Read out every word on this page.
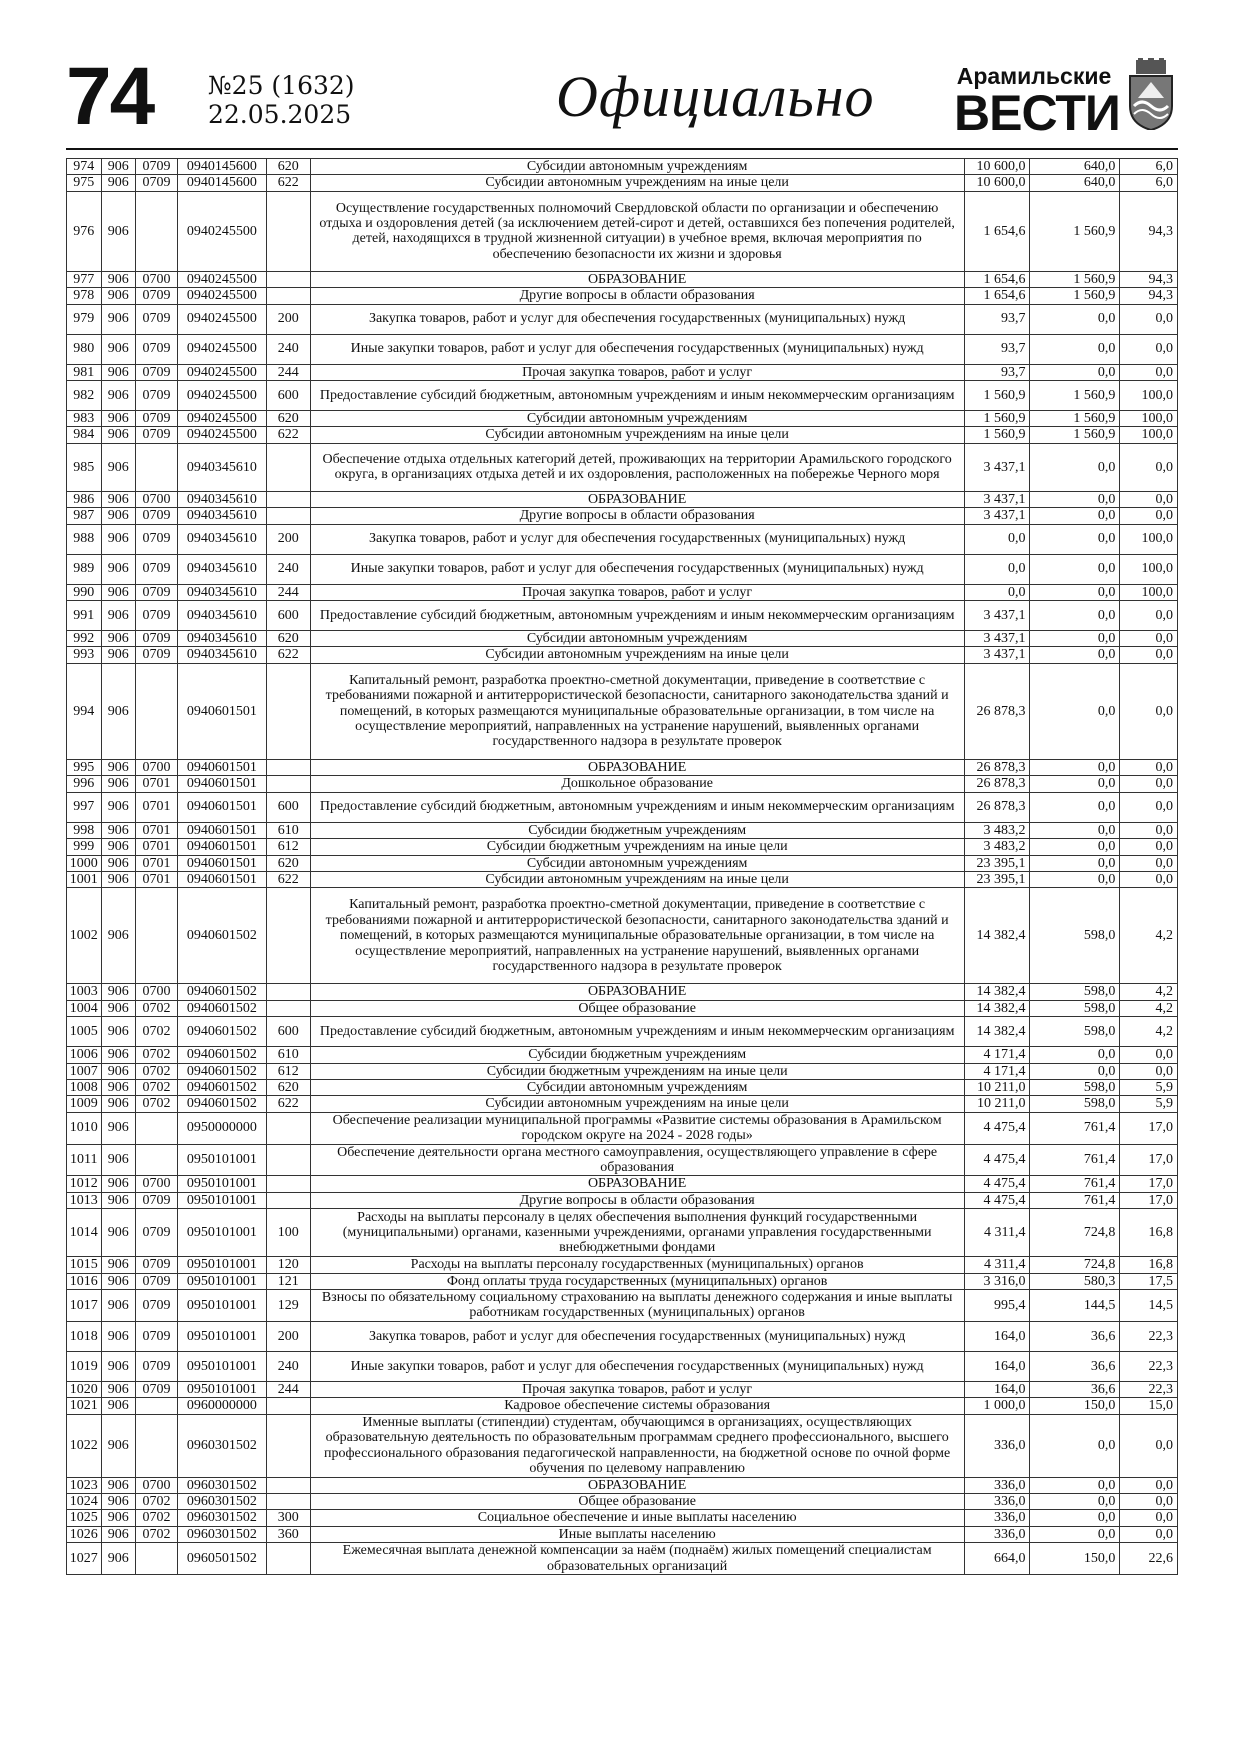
74 №25 (1632)
22.05.2025	Официально	Арамильские
ВЕСТИ
974	906	0709	0940145600	620	Субсидии автономным учреждениям	10 600,0	640,0	6,0
975	906	0709	0940145600	622	Субсидии автономным учреждениям на иные цели	10 600,0	640,0	6,0
976	906		0940245500		Осуществление государственных полномочий Свердловской области по организации и обеспечению отдыха и оздоровления детей (за исключением детей-сирот и детей, оставшихся без попечения родителей, детей, находящихся в трудной жизненной ситуации) в учебное время, включая мероприятия по обеспечению безопасности их жизни и здоровья	1 654,6	1 560,9	94,3
977	906	0700	0940245500		ОБРАЗОВАНИЕ	1 654,6	1 560,9	94,3
978	906	0709	0940245500		Другие вопросы в области образования	1 654,6	1 560,9	94,3
979	906	0709	0940245500	200	Закупка товаров, работ и услуг для обеспечения государственных (муниципальных) нужд	93,7	0,0	0,0
980	906	0709	0940245500	240	Иные закупки товаров, работ и услуг для обеспечения государственных (муниципальных) нужд	93,7	0,0	0,0
981	906	0709	0940245500	244	Прочая закупка товаров, работ и услуг	93,7	0,0	0,0
982	906	0709	0940245500	600	Предоставление субсидий бюджетным, автономным учреждениям и иным некоммерческим организациям	1 560,9	1 560,9	100,0
983	906	0709	0940245500	620	Субсидии автономным учреждениям	1 560,9	1 560,9	100,0
984	906	0709	0940245500	622	Субсидии автономным учреждениям на иные цели	1 560,9	1 560,9	100,0
985	906		0940345610		Обеспечение отдыха отдельных категорий детей, проживающих на территории Арамильского городского округа, в организациях отдыха детей и их оздоровления, расположенных на побережье Черного моря	3 437,1	0,0	0,0
986	906	0700	0940345610		ОБРАЗОВАНИЕ	3 437,1	0,0	0,0
987	906	0709	0940345610		Другие вопросы в области образования	3 437,1	0,0	0,0
988	906	0709	0940345610	200	Закупка товаров, работ и услуг для обеспечения государственных (муниципальных) нужд	0,0	0,0	100,0
989	906	0709	0940345610	240	Иные закупки товаров, работ и услуг для обеспечения государственных (муниципальных) нужд	0,0	0,0	100,0
990	906	0709	0940345610	244	Прочая закупка товаров, работ и услуг	0,0	0,0	100,0
991	906	0709	0940345610	600	Предоставление субсидий бюджетным, автономным учреждениям и иным некоммерческим организациям	3 437,1	0,0	0,0
992	906	0709	0940345610	620	Субсидии автономным учреждениям	3 437,1	0,0	0,0
993	906	0709	0940345610	622	Субсидии автономным учреждениям на иные цели	3 437,1	0,0	0,0
994	906		0940601501		Капитальный ремонт, разработка проектно-сметной документации, приведение в соответствие с требованиями пожарной и антитеррористической безопасности, санитарного законодательства зданий и помещений, в которых размещаются муниципальные образовательные организации, в том числе на осуществление мероприятий, направленных на устранение нарушений, выявленных органами государственного надзора в результате проверок	26 878,3	0,0	0,0
995	906	0700	0940601501		ОБРАЗОВАНИЕ	26 878,3	0,0	0,0
996	906	0701	0940601501		Дошкольное образование	26 878,3	0,0	0,0
997	906	0701	0940601501	600	Предоставление субсидий бюджетным, автономным учреждениям и иным некоммерческим организациям	26 878,3	0,0	0,0
998	906	0701	0940601501	610	Субсидии бюджетным учреждениям	3 483,2	0,0	0,0
999	906	0701	0940601501	612	Субсидии бюджетным учреждениям на иные цели	3 483,2	0,0	0,0
1000	906	0701	0940601501	620	Субсидии автономным учреждениям	23 395,1	0,0	0,0
1001	906	0701	0940601501	622	Субсидии автономным учреждениям на иные цели	23 395,1	0,0	0,0
1002	906		0940601502		Капитальный ремонт, разработка проектно-сметной документации, приведение в соответствие с требованиями пожарной и антитеррористической безопасности, санитарного законодательства зданий и помещений, в которых размещаются муниципальные образовательные организации, в том числе на осуществление мероприятий, направленных на устранение нарушений, выявленных органами государственного надзора в результате проверок	14 382,4	598,0	4,2
1003	906	0700	0940601502		ОБРАЗОВАНИЕ	14 382,4	598,0	4,2
1004	906	0702	0940601502		Общее образование	14 382,4	598,0	4,2
1005	906	0702	0940601502	600	Предоставление субсидий бюджетным, автономным учреждениям и иным некоммерческим организациям	14 382,4	598,0	4,2
1006	906	0702	0940601502	610	Субсидии бюджетным учреждениям	4 171,4	0,0	0,0
1007	906	0702	0940601502	612	Субсидии бюджетным учреждениям на иные цели	4 171,4	0,0	0,0
1008	906	0702	0940601502	620	Субсидии автономным учреждениям	10 211,0	598,0	5,9
1009	906	0702	0940601502	622	Субсидии автономным учреждениям на иные цели	10 211,0	598,0	5,9
1010	906		0950000000		Обеспечение реализации муниципальной программы «Развитие системы образования в Арамильском городском округе на 2024 - 2028 годы»	4 475,4	761,4	17,0
1011	906		0950101001		Обеспечение деятельности органа местного самоуправления, осуществляющего управление в сфере образования	4 475,4	761,4	17,0
1012	906	0700	0950101001		ОБРАЗОВАНИЕ	4 475,4	761,4	17,0
1013	906	0709	0950101001		Другие вопросы в области образования	4 475,4	761,4	17,0
1014	906	0709	0950101001	100	Расходы на выплаты персоналу в целях обеспечения выполнения функций государственными (муниципальными) органами, казенными учреждениями, органами управления государственными внебюджетными фондами	4 311,4	724,8	16,8
1015	906	0709	0950101001	120	Расходы на выплаты персоналу государственных (муниципальных) органов	4 311,4	724,8	16,8
1016	906	0709	0950101001	121	Фонд оплаты труда государственных (муниципальных) органов	3 316,0	580,3	17,5
1017	906	0709	0950101001	129	Взносы по обязательному социальному страхованию на выплаты денежного содержания и иные выплаты работникам государственных (муниципальных) органов	995,4	144,5	14,5
1018	906	0709	0950101001	200	Закупка товаров, работ и услуг для обеспечения государственных (муниципальных) нужд	164,0	36,6	22,3
1019	906	0709	0950101001	240	Иные закупки товаров, работ и услуг для обеспечения государственных (муниципальных) нужд	164,0	36,6	22,3
1020	906	0709	0950101001	244	Прочая закупка товаров, работ и услуг	164,0	36,6	22,3
1021	906		0960000000		Кадровое обеспечение системы образования	1 000,0	150,0	15,0
1022	906		0960301502		Именные выплаты (стипендии) студентам, обучающимся в организациях, осуществляющих образовательную деятельность по образовательным программам среднего профессионального, высшего профессионального образования педагогической направленности, на бюджетной основе по очной форме обучения по целевому направлению	336,0	0,0	0,0
1023	906	0700	0960301502		ОБРАЗОВАНИЕ	336,0	0,0	0,0
1024	906	0702	0960301502		Общее образование	336,0	0,0	0,0
1025	906	0702	0960301502	300	Социальное обеспечение и иные выплаты населению	336,0	0,0	0,0
1026	906	0702	0960301502	360	Иные выплаты населению	336,0	0,0	0,0
1027	906		0960501502		Ежемесячная выплата денежной компенсации за наём (поднаём) жилых помещений специалистам образовательных организаций	664,0	150,0	22,6
